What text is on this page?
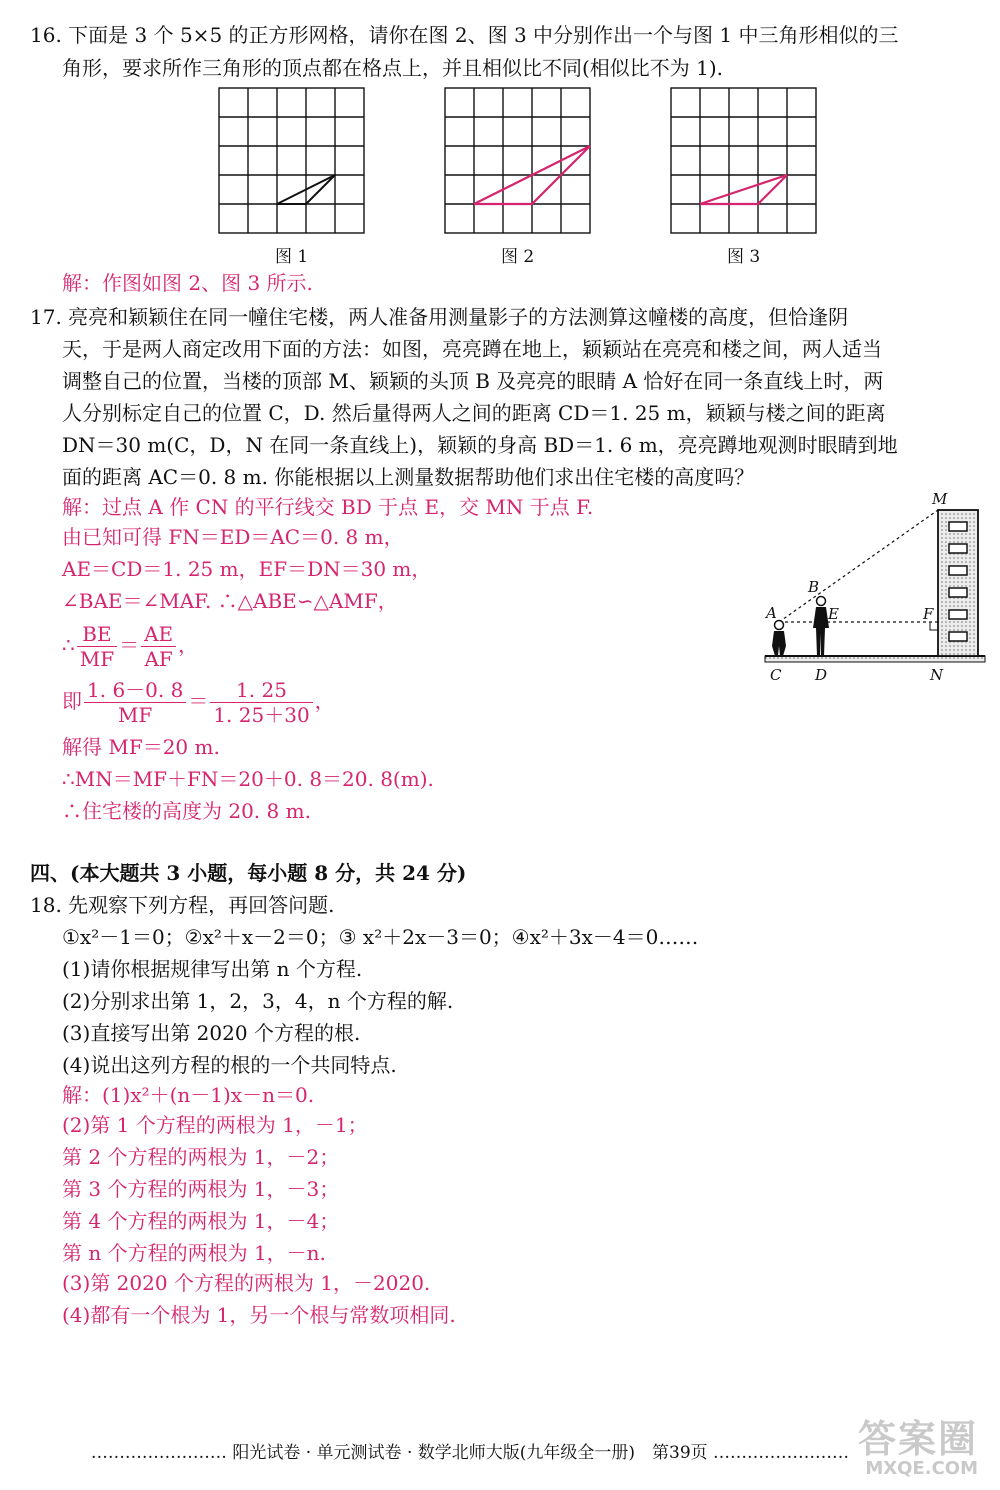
16. 下面是 3 个 5×5 的正方形网格，请你在图 2、图 3 中分别作出一个与图 1 中三角形相似的三
角形，要求所作三角形的顶点都在格点上，并且相似比不同(相似比不为 1).
图 1	图 2	图 3
解：作图如图 2、图 3 所示.
17. 亮亮和颖颖住在同一幢住宅楼，两人准备用测量影子的方法测算这幢楼的高度，但恰逢阴
天，于是两人商定改用下面的方法：如图，亮亮蹲在地上，颖颖站在亮亮和楼之间，两人适当
调整自己的位置，当楼的顶部 M、颖颖的头顶 B 及亮亮的眼睛 A 恰好在同一条直线上时，两
人分别标定自己的位置 C，D. 然后量得两人之间的距离 CD＝1. 25 m，颖颖与楼之间的距离
DN＝30 m(C，D，N 在同一条直线上)，颖颖的身高 BD＝1. 6 m，亮亮蹲地观测时眼睛到地
面的距离 AC＝0. 8 m. 你能根据以上测量数据帮助他们求出住宅楼的高度吗？
解：过点 A 作 CN 的平行线交 BD 于点 E，交 MN 于点 F.
由已知可得 FN＝ED＝AC＝0. 8 m，
AE＝CD＝1. 25 m，EF＝DN＝30 m，
∠BAE＝∠MAF. ∴△ABE∽△AMF，
∴ $\frac{BE}{MF} = \frac{AE}{AF}$ ，
即 $\frac{1. 6-0. 8}{MF} = \frac{1. 25}{1. 25+30}$ ，
解得 MF＝20 m.
∴MN＝MF＋FN＝20＋0. 8＝20. 8(m).
∴住宅楼的高度为 20. 8 m.
M
B
A	E	F
C D	N
四、(本大题共 3 小题，每小题 8 分，共 24 分)
18. 先观察下列方程，再回答问题.
①x²－1＝0；②x²＋x－2＝0；③ x²＋2x－3＝0；④x²＋3x－4＝0……
(1)请你根据规律写出第 n 个方程.
(2)分别求出第 1，2，3，4，n 个方程的解.
(3)直接写出第 2020 个方程的根.
(4)说出这列方程的根的一个共同特点.
解：(1)x²＋(n－1)x－n＝0.
(2)第 1 个方程的两根为 1，－1；
第 2 个方程的两根为 1，－2；
第 3 个方程的两根为 1，－3；
第 4 个方程的两根为 1，－4；
第 n 个方程的两根为 1，－n.
(3)第 2020 个方程的两根为 1，－2020.
(4)都有一个根为 1，另一个根与常数项相同.
…………………… 阳光试卷 · 单元测试卷 · 数学北师大版(九年级全一册)　第39页 …………………… 答案圈
MXQE.COM
